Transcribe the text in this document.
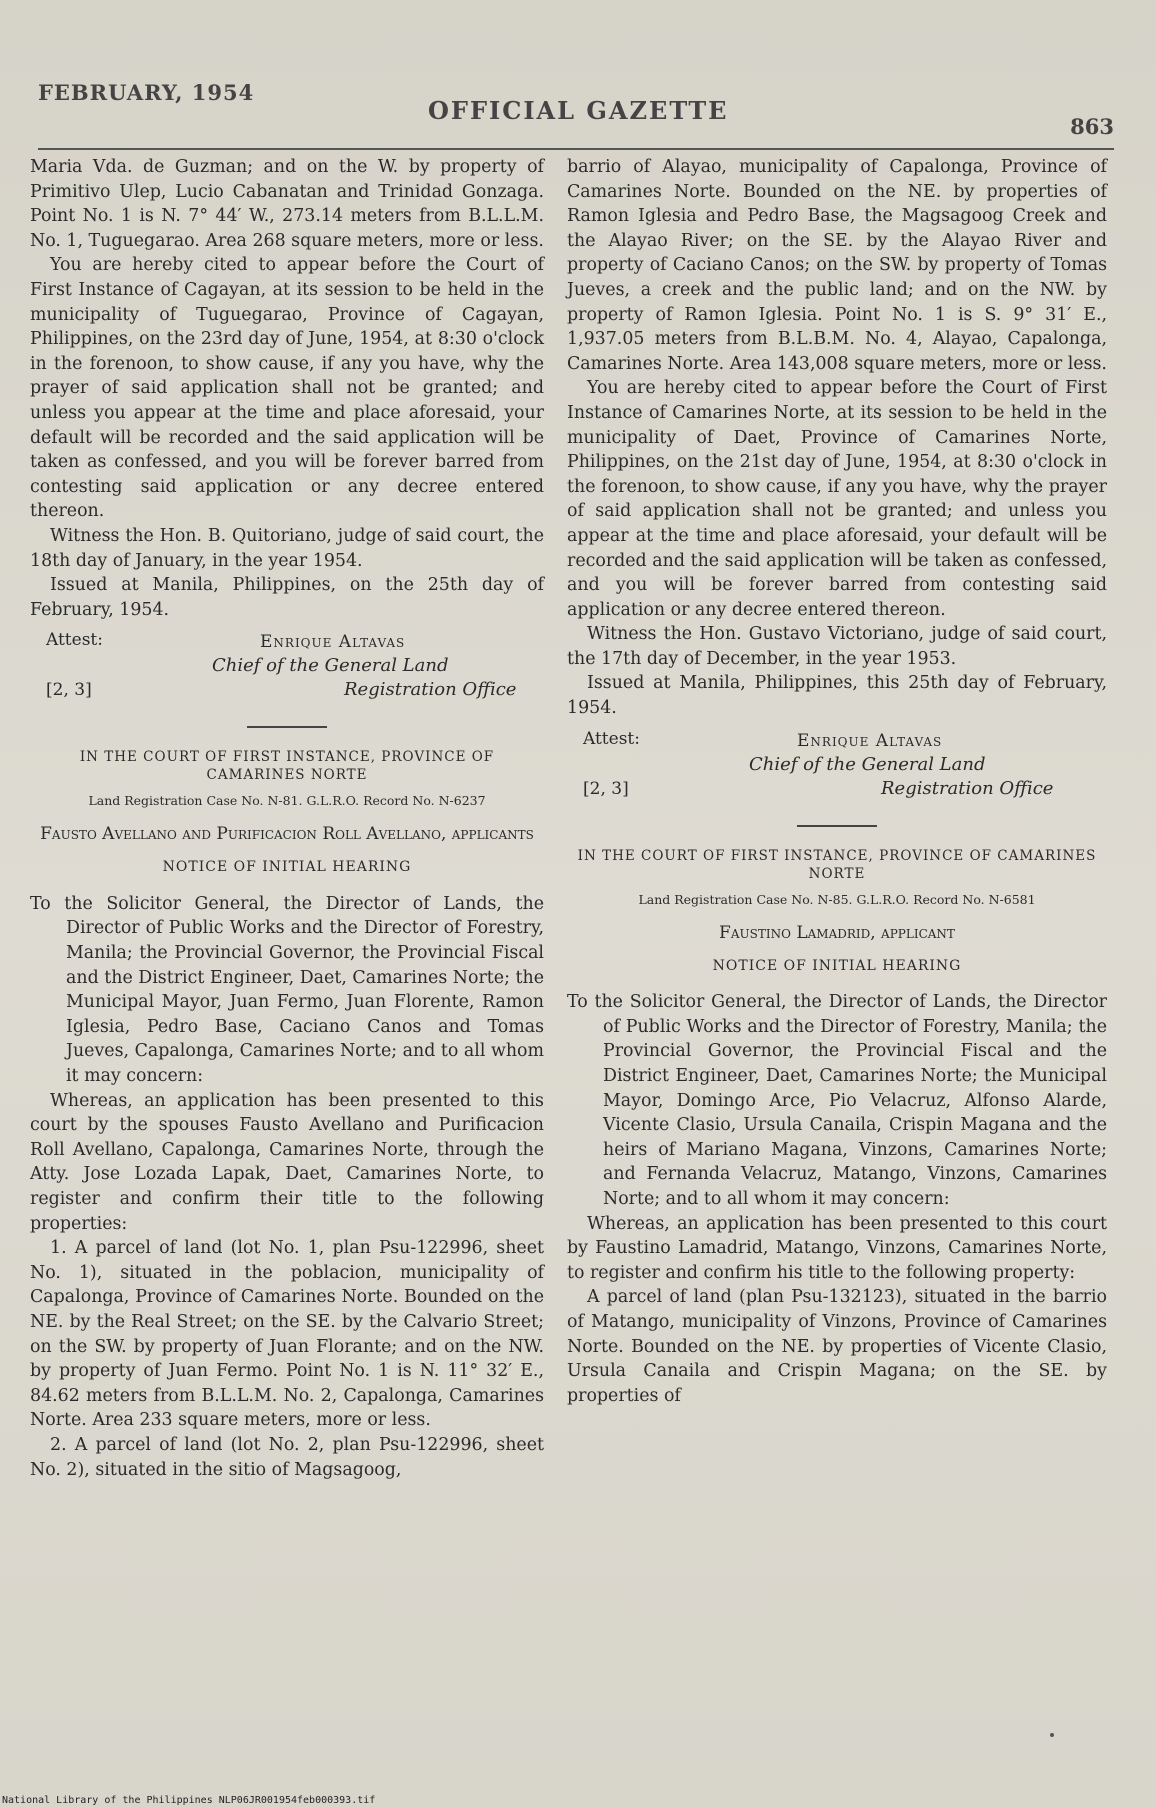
FEBRUARY, 1954
OFFICIAL GAZETTE
863

Maria Vda. de Guzman; and on the W. by property of Primitivo Ulep, Lucio Cabanatan and Trinidad Gonzaga. Point No. 1 is N. 7° 44′ W., 273.14 meters from B.L.L.M. No. 1, Tuguegarao. Area 268 square meters, more or less.

You are hereby cited to appear before the Court of First Instance of Cagayan, at its session to be held in the municipality of Tuguegarao, Province of Cagayan, Philippines, on the 23rd day of June, 1954, at 8:30 o'clock in the forenoon, to show cause, if any you have, why the prayer of said application shall not be granted; and unless you appear at the time and place aforesaid, your default will be recorded and the said application will be taken as confessed, and you will be forever barred from contesting said application or any decree entered thereon.

Witness the Hon. B. Quitoriano, judge of said court, the 18th day of January, in the year 1954.

Issued at Manila, Philippines, on the 25th day of February, 1954.

Attest:	Enrique Altavas
Chief of the General Land
[2, 3]	Registration Office
IN THE COURT OF FIRST INSTANCE, PROVINCE OF CAMARINES NORTE
Land Registration Case No. N-81. G.L.R.O. Record No. N-6237
Fausto Avellano and Purificacion Roll Avellano, applicants
NOTICE OF INITIAL HEARING

To the Solicitor General, the Director of Lands, the Director of Public Works and the Director of Forestry, Manila; the Provincial Governor, the Provincial Fiscal and the District Engineer, Daet, Camarines Norte; the Municipal Mayor, Juan Fermo, Juan Florente, Ramon Iglesia, Pedro Base, Caciano Canos and Tomas Jueves, Capalonga, Camarines Norte; and to all whom it may concern:

Whereas, an application has been presented to this court by the spouses Fausto Avellano and Purificacion Roll Avellano, Capalonga, Camarines Norte, through the Atty. Jose Lozada Lapak, Daet, Camarines Norte, to register and confirm their title to the following properties:

1. A parcel of land (lot No. 1, plan Psu-122996, sheet No. 1), situated in the poblacion, municipality of Capalonga, Province of Camarines Norte. Bounded on the NE. by the Real Street; on the SE. by the Calvario Street; on the SW. by property of Juan Florante; and on the NW. by property of Juan Fermo. Point No. 1 is N. 11° 32′ E., 84.62 meters from B.L.L.M. No. 2, Capalonga, Camarines Norte. Area 233 square meters, more or less.

2. A parcel of land (lot No. 2, plan Psu-122996, sheet No. 2), situated in the sitio of Magsagoog,

barrio of Alayao, municipality of Capalonga, Province of Camarines Norte. Bounded on the NE. by properties of Ramon Iglesia and Pedro Base, the Magsagoog Creek and the Alayao River; on the SE. by the Alayao River and property of Caciano Canos; on the SW. by property of Tomas Jueves, a creek and the public land; and on the NW. by property of Ramon Iglesia. Point No. 1 is S. 9° 31′ E., 1,937.05 meters from B.L.B.M. No. 4, Alayao, Capalonga, Camarines Norte. Area 143,008 square meters, more or less.

You are hereby cited to appear before the Court of First Instance of Camarines Norte, at its session to be held in the municipality of Daet, Province of Camarines Norte, Philippines, on the 21st day of June, 1954, at 8:30 o'clock in the forenoon, to show cause, if any you have, why the prayer of said application shall not be granted; and unless you appear at the time and place aforesaid, your default will be recorded and the said application will be taken as confessed, and you will be forever barred from contesting said application or any decree entered thereon.

Witness the Hon. Gustavo Victoriano, judge of said court, the 17th day of December, in the year 1953.

Issued at Manila, Philippines, this 25th day of February, 1954.

Attest:	Enrique Altavas
Chief of the General Land
[2, 3]	Registration Office
IN THE COURT OF FIRST INSTANCE, PROVINCE OF CAMARINES NORTE
Land Registration Case No. N-85. G.L.R.O. Record No. N-6581
Faustino Lamadrid, applicant
NOTICE OF INITIAL HEARING

To the Solicitor General, the Director of Lands, the Director of Public Works and the Director of Forestry, Manila; the Provincial Governor, the Provincial Fiscal and the District Engineer, Daet, Camarines Norte; the Municipal Mayor, Domingo Arce, Pio Velacruz, Alfonso Alarde, Vicente Clasio, Ursula Canaila, Crispin Magana and the heirs of Mariano Magana, Vinzons, Camarines Norte; and Fernanda Velacruz, Matango, Vinzons, Camarines Norte; and to all whom it may concern:

Whereas, an application has been presented to this court by Faustino Lamadrid, Matango, Vinzons, Camarines Norte, to register and confirm his title to the following property:

A parcel of land (plan Psu-132123), situated in the barrio of Matango, municipality of Vinzons, Province of Camarines Norte. Bounded on the NE. by properties of Vicente Clasio, Ursula Canaila and Crispin Magana; on the SE. by properties of

National Library of the Philippines NLP06JR001954feb000393.tif
